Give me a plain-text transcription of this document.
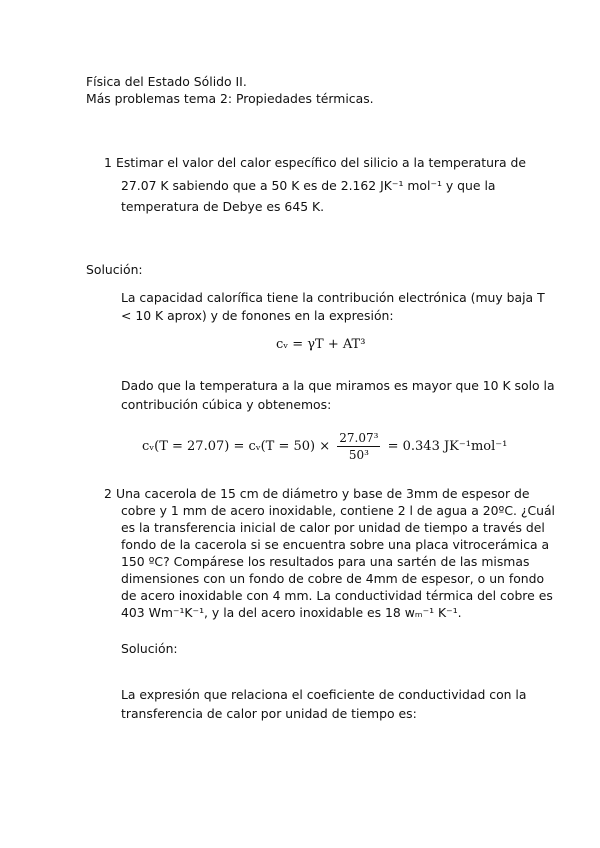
Física del Estado Sólido II.
Más problemas tema 2: Propiedades térmicas.
1 Estimar el valor del calor específico del silicio a la temperatura de
27.07 K sabiendo que a 50 K es de 2.162 JK⁻¹ mol⁻¹ y que la
temperatura de Debye es 645 K.
Solución:
La capacidad calorífica tiene la contribución electrónica (muy baja T
< 10 K aprox) y de fonones en la expresión:
cᵥ = γT + AT³
Dado que la temperatura a la que miramos es mayor que 10 K solo la
contribución cúbica y obtenemos:
cᵥ(T = 27.07) = cᵥ(T = $50) \times \frac{\text{27.07³}}{\text{50³}} = 0.343$ JK⁻¹mol⁻¹
2 Una cacerola de 15 cm de diámetro y base de 3mm de espesor de
cobre y 1 mm de acero inoxidable, contiene 2 l de agua a 20ºC. ¿Cuál
es la transferencia inicial de calor por unidad de tiempo a través del
fondo de la cacerola si se encuentra sobre una placa vitrocerámica a
150 ºC? Compárese los resultados para una sartén de las mismas
dimensiones con un fondo de cobre de 4mm de espesor, o un fondo
de acero inoxidable con 4 mm. La conductividad térmica del cobre es
403 Wm⁻¹K⁻¹, y la del acero inoxidable es 18 wₘ⁻¹ K⁻¹.
Solución:
La expresión que relaciona el coeficiente de conductividad con la
transferencia de calor por unidad de tiempo es:
